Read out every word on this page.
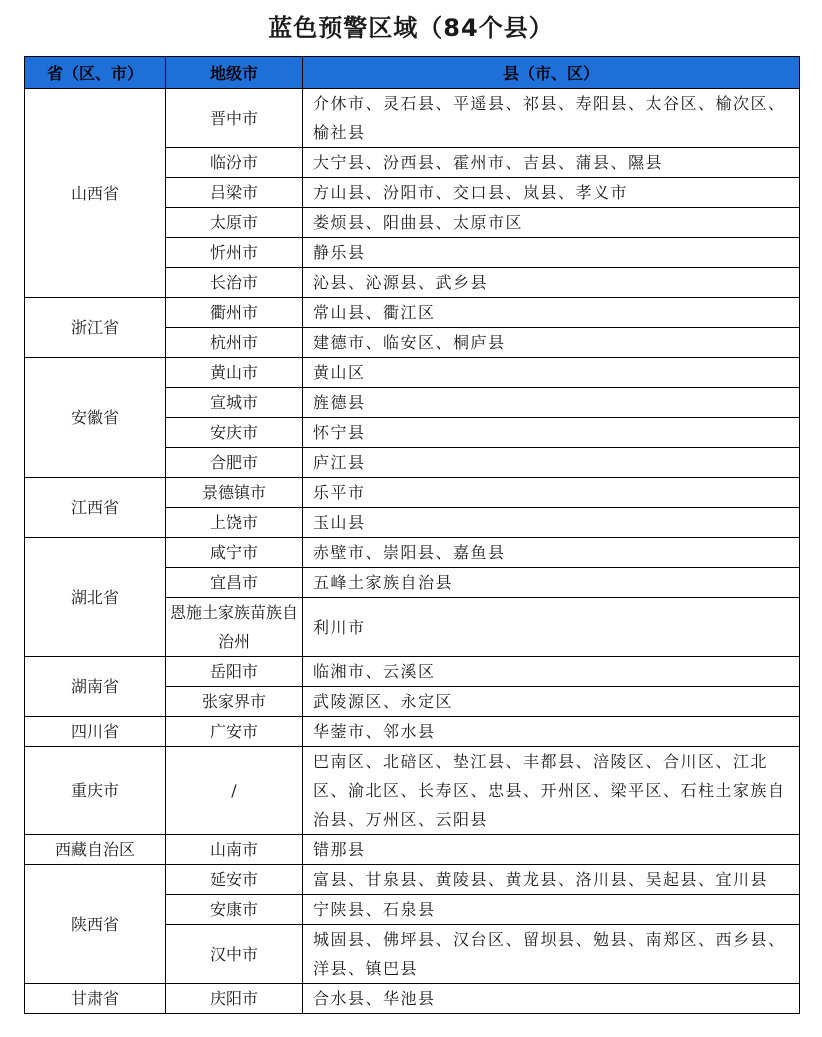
蓝色预警区域（84个县）
省（区、市）	地级市	县（市、区）
山西省	晋中市	介休市、灵石县、平遥县、祁县、寿阳县、太谷区、榆次区、榆社县
	临汾市	大宁县、汾西县、霍州市、吉县、蒲县、隰县
	吕梁市	方山县、汾阳市、交口县、岚县、孝义市
	太原市	娄烦县、阳曲县、太原市区
	忻州市	静乐县
	长治市	沁县、沁源县、武乡县
浙江省	衢州市	常山县、衢江区
	杭州市	建德市、临安区、桐庐县
安徽省	黄山市	黄山区
	宣城市	旌德县
	安庆市	怀宁县
	合肥市	庐江县
江西省	景德镇市	乐平市
	上饶市	玉山县
湖北省	咸宁市	赤壁市、崇阳县、嘉鱼县
	宜昌市	五峰土家族自治县
	恩施土家族苗族自治州	利川市
湖南省	岳阳市	临湘市、云溪区
	张家界市	武陵源区、永定区
四川省	广安市	华蓥市、邻水县
重庆市	/	巴南区、北碚区、垫江县、丰都县、涪陵区、合川区、江北区、渝北区、长寿区、忠县、开州区、梁平区、石柱土家族自治县、万州区、云阳县
西藏自治区	山南市	错那县
陕西省	延安市	富县、甘泉县、黄陵县、黄龙县、洛川县、吴起县、宜川县
	安康市	宁陕县、石泉县
	汉中市	城固县、佛坪县、汉台区、留坝县、勉县、南郑区、西乡县、洋县、镇巴县
甘肃省	庆阳市	合水县、华池县
